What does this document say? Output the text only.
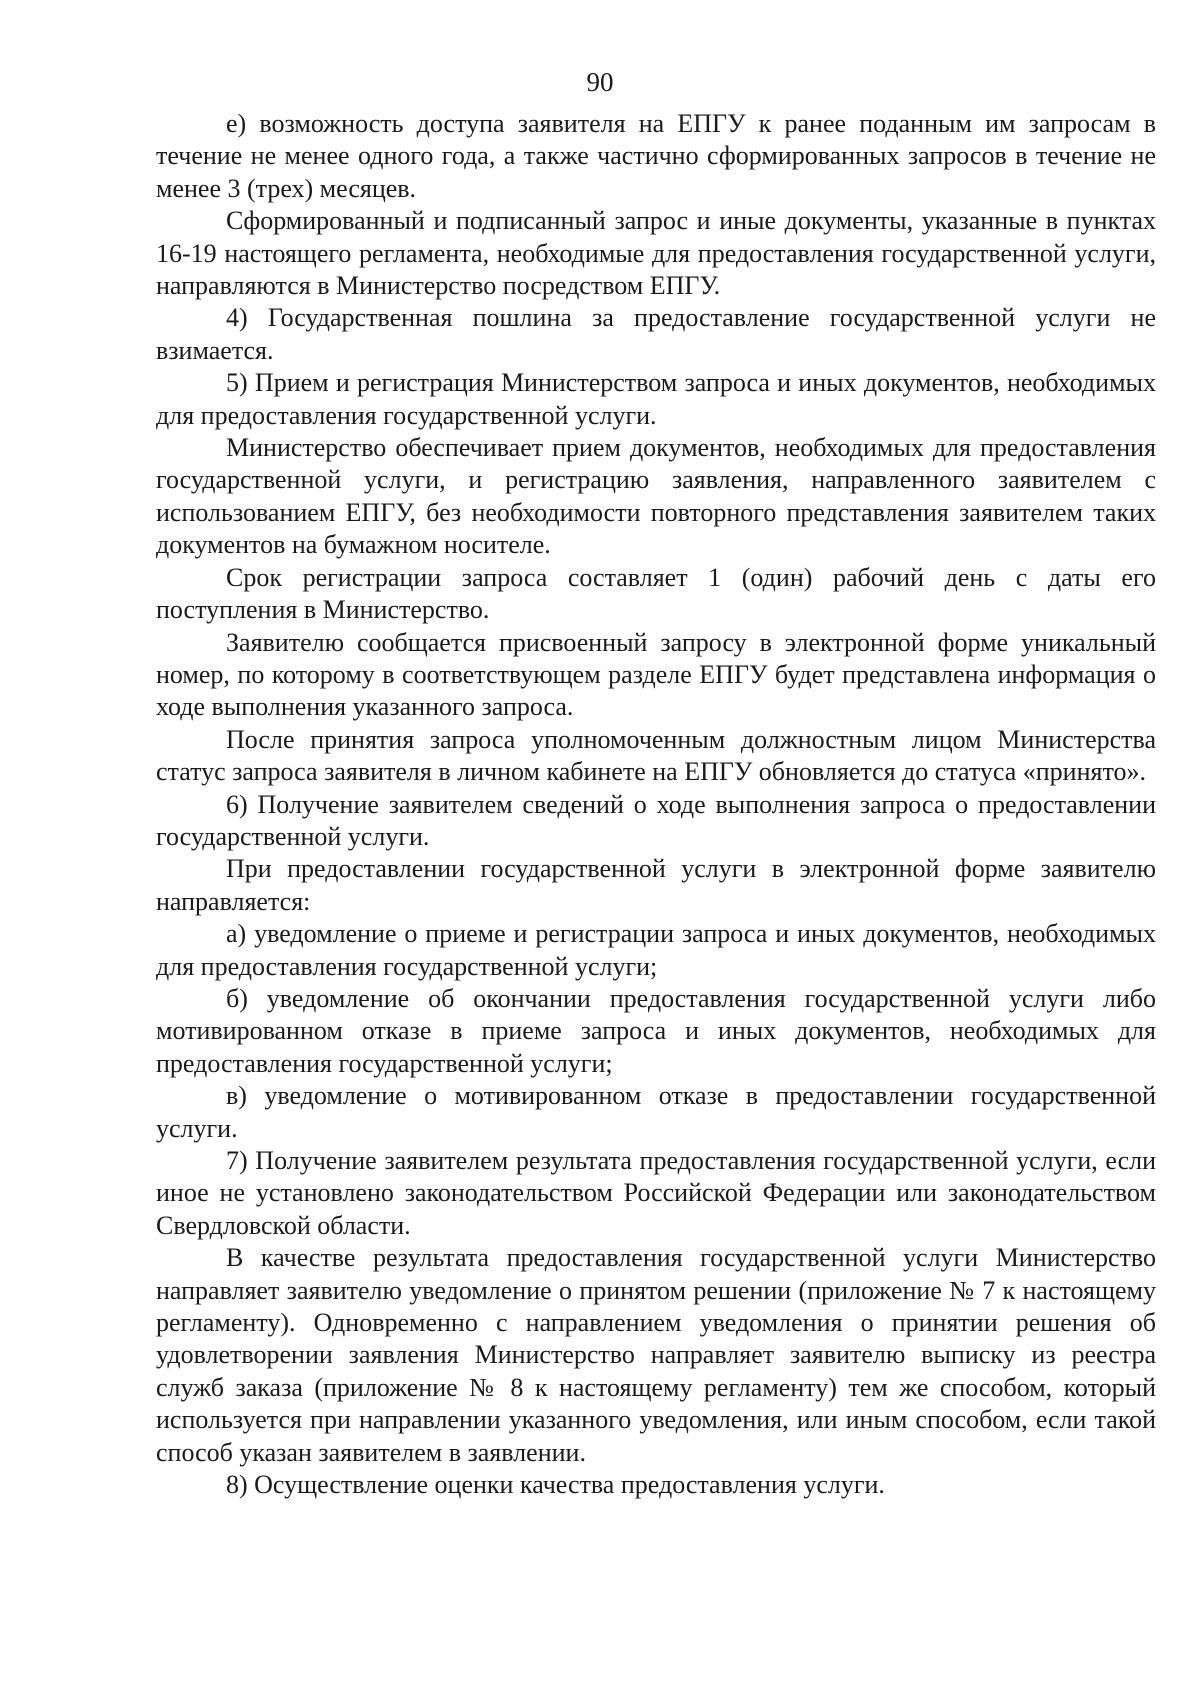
90

е) возможность доступа заявителя на ЕПГУ к ранее поданным им запросам в течение не менее одного года, а также частично сформированных запросов в течение не менее 3 (трех) месяцев.

Сформированный и подписанный запрос и иные документы, указанные в пунктах 16-19 настоящего регламента, необходимые для предоставления государственной услуги, направляются в Министерство посредством ЕПГУ.

4) Государственная пошлина за предоставление государственной услуги не взимается.

5) Прием и регистрация Министерством запроса и иных документов, необходимых для предоставления государственной услуги.

Министерство обеспечивает прием документов, необходимых для предоставления государственной услуги, и регистрацию заявления, направленного заявителем с использованием ЕПГУ, без необходимости повторного представления заявителем таких документов на бумажном носителе.

Срок регистрации запроса составляет 1 (один) рабочий день с даты его поступления в Министерство.

Заявителю сообщается присвоенный запросу в электронной форме уникальный номер, по которому в соответствующем разделе ЕПГУ будет представлена информация о ходе выполнения указанного запроса.

После принятия запроса уполномоченным должностным лицом Министерства статус запроса заявителя в личном кабинете на ЕПГУ обновляется до статуса «принято».

6) Получение заявителем сведений о ходе выполнения запроса о предоставлении государственной услуги.

При предоставлении государственной услуги в электронной форме заявителю направляется:

а) уведомление о приеме и регистрации запроса и иных документов, необходимых для предоставления государственной услуги;

б) уведомление об окончании предоставления государственной услуги либо мотивированном отказе в приеме запроса и иных документов, необходимых для предоставления государственной услуги;

в) уведомление о мотивированном отказе в предоставлении государственной услуги.

7) Получение заявителем результата предоставления государственной услуги, если иное не установлено законодательством Российской Федерации или законодательством Свердловской области.

В качестве результата предоставления государственной услуги Министерство направляет заявителю уведомление о принятом решении (приложение № 7 к настоящему регламенту). Одновременно с направлением уведомления о принятии решения об удовлетворении заявления Министерство направляет заявителю выписку из реестра служб заказа (приложение № 8 к настоящему регламенту) тем же способом, который используется при направлении указанного уведомления, или иным способом, если такой способ указан заявителем в заявлении.

8) Осуществление оценки качества предоставления услуги.
